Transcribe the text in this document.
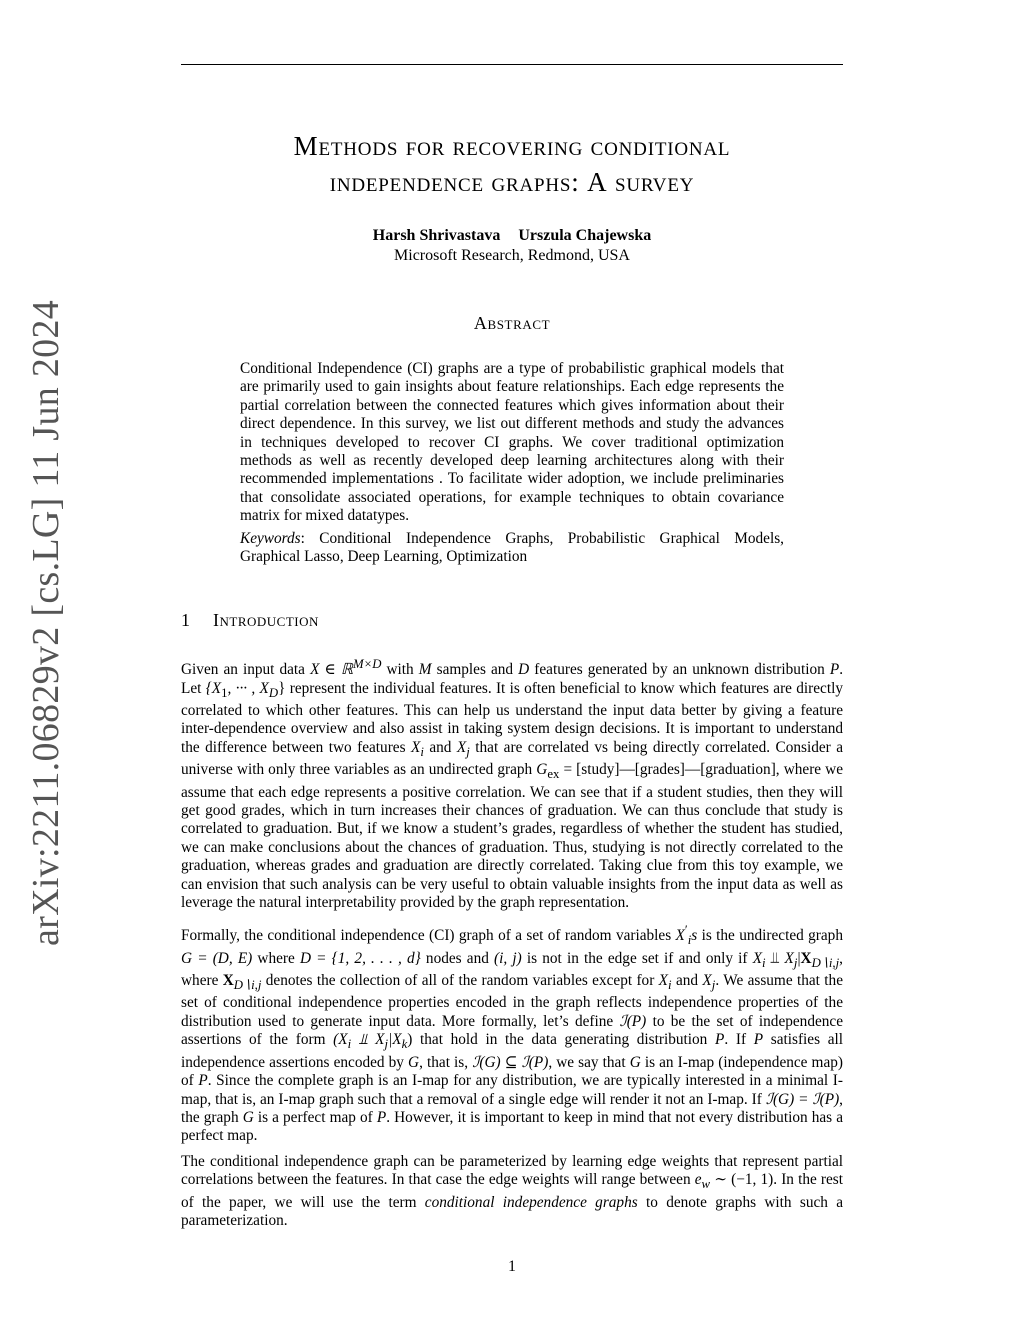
arXiv:2211.06829v2 [cs.LG] 11 Jun 2024
Methods for recovering conditional
independence graphs: A survey
Harsh Shrivastava Urszula Chajewska
Microsoft Research, Redmond, USA
Abstract
Conditional Independence (CI) graphs are a type of probabilistic graphical models that are primarily used to gain insights about feature relationships. Each edge represents the partial correlation between the connected features which gives information about their direct dependence. In this survey, we list out different methods and study the advances in techniques developed to recover CI graphs. We cover traditional optimization methods as well as recently developed deep learning architectures along with their recommended implementations . To facilitate wider adoption, we include preliminaries that consolidate associated operations, for example techniques to obtain covariance matrix for mixed datatypes.
Keywords: Conditional Independence Graphs, Probabilistic Graphical Models, Graphical Lasso, Deep Learning, Optimization
1 Introduction
Given an input data X ∈ ℝ$^{M\times D}$ with M samples and D features generated by an unknown distribution P. Let {$X_1$, ··· , $X_D$} represent the individual features. It is often beneficial to know which features are directly correlated to which other features. This can help us understand the input data better by giving a feature inter-dependence overview and also assist in taking system design decisions. It is important to understand the difference between two features $X_i$ and $X_j$ that are correlated vs being directly correlated. Consider a universe with only three variables as an undirected graph $G_{ex}$ = [study]—[grades]—[graduation], where we assume that each edge represents a positive correlation. We can see that if a student studies, then they will get good grades, which in turn increases their chances of graduation. We can thus conclude that study is correlated to graduation. But, if we know a student’s grades, regardless of whether the student has studied, we can make conclusions about the chances of graduation. Thus, studying is not directly correlated to the graduation, whereas grades and graduation are directly correlated. Taking clue from this toy example, we can envision that such analysis can be very useful to obtain valuable insights from the input data as well as leverage the natural interpretability provided by the graph representation.
Formally, the conditional independence (CI) graph of a set of random variables $X'_is$ is the undirected graph G = (D, E) where D = {1, 2, . . . , d} nodes and (i, j) is not in the edge set if and only if $X_i$ ⫫ $X_j|X_{D∖i,j}$, where $X_{D∖i,j}$ denotes the collection of all of the random variables except for $X_i$ and $X_j$. We assume that the set of conditional independence properties encoded in the graph reflects independence properties of the distribution used to generate input data. More formally, let’s define ℐ(P) to be the set of independence assertions of the form ($X_i$ ⫫ $X_j|X_k$) that hold in the data generating distribution P. If P satisfies all independence assertions encoded by G, that is, ℐ(G) ⊆ ℐ(P), we say that G is an I-map (independence map) of P. Since the complete graph is an I-map for any distribution, we are typically interested in a minimal I-map, that is, an I-map graph such that a removal of a single edge will render it not an I-map. If ℐ(G) = ℐ(P), the graph G is a perfect map of P. However, it is important to keep in mind that not every distribution has a perfect map.
The conditional independence graph can be parameterized by learning edge weights that represent partial correlations between the features. In that case the edge weights will range between $e_w$ ∼ (−1, 1). In the rest of the paper, we will use the term conditional independence graphs to denote graphs with such a parameterization.
1
